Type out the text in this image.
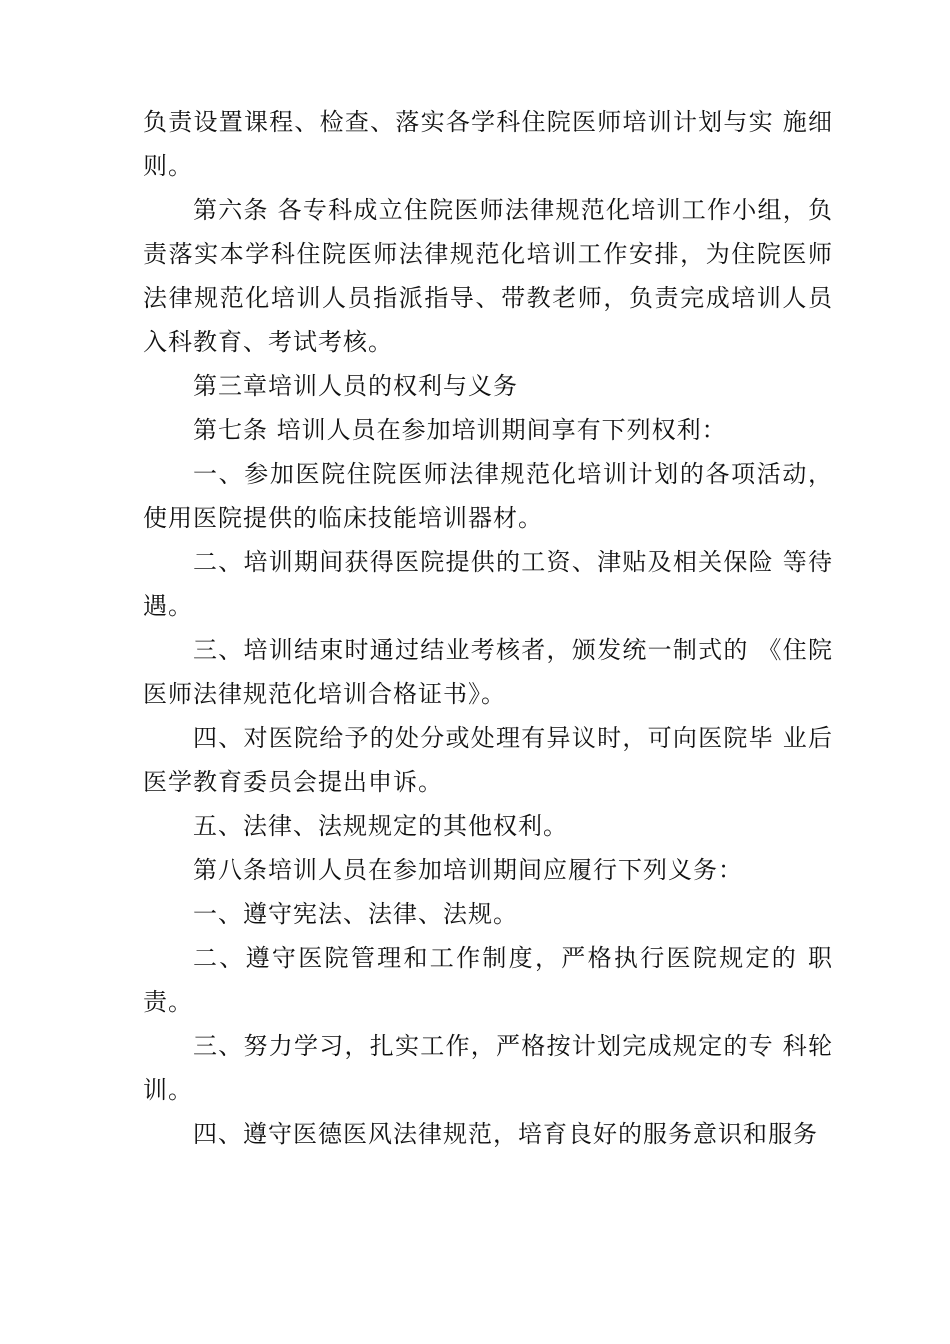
负责设置课程、检查、落实各学科住院医师培训计划与实 施细则。

第六条 各专科成立住院医师法律规范化培训工作小组，负责落实本学科住院医师法律规范化培训工作安排，为住院医师法律规范化培训人员指派指导、带教老师，负责完成培训人员入科教育、考试考核。

第三章培训人员的权利与义务

第七条 培训人员在参加培训期间享有下列权利：

一、参加医院住院医师法律规范化培训计划的各项活动，使用医院提供的临床技能培训器材。

二、培训期间获得医院提供的工资、津贴及相关保险 等待遇。

三、培训结束时通过结业考核者，颁发统一制式的 《住院医师法律规范化培训合格证书》。

四、对医院给予的处分或处理有异议时，可向医院毕 业后医学教育委员会提出申诉。

五、法律、法规规定的其他权利。

第八条培训人员在参加培训期间应履行下列义务：

一、遵守宪法、法律、法规。

二、遵守医院管理和工作制度，严格执行医院规定的 职责。

三、努力学习，扎实工作，严格按计划完成规定的专 科轮训。

四、遵守医德医风法律规范，培育良好的服务意识和服务
